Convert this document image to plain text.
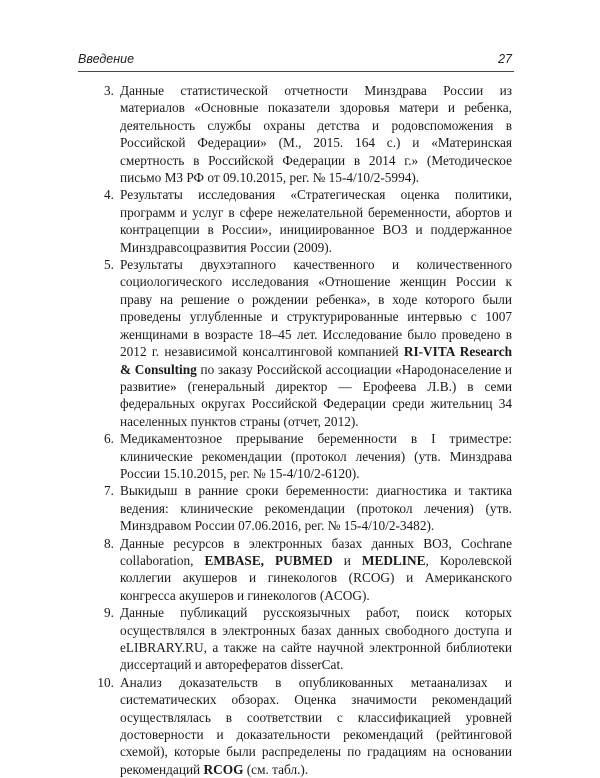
Введение	27
3. Данные статистической отчетности Минздрава России из материалов «Основные показатели здоровья матери и ребенка, деятельность службы охраны детства и родовспоможения в Российской Федерации» (М., 2015. 164 с.) и «Материнская смертность в Российской Федерации в 2014 г.» (Методическое письмо МЗ РФ от 09.10.2015, рег. № 15-4/10/2-5994).
4. Результаты исследования «Стратегическая оценка политики, программ и услуг в сфере нежелательной беременности, абортов и контрацепции в России», инициированное ВОЗ и поддержанное Минздравсоцразвития России (2009).
5. Результаты двухэтапного качественного и количественного социологического исследования «Отношение женщин России к праву на решение о рождении ребенка», в ходе которого были проведены углубленные и структурированные интервью с 1007 женщинами в возрасте 18–45 лет. Исследование было проведено в 2012 г. независимой консалтинговой компанией RI-VITA Research & Consulting по заказу Российской ассоциации «Народонаселение и развитие» (генеральный директор — Ерофеева Л.В.) в семи федеральных округах Российской Федерации среди жительниц 34 населенных пунктов страны (отчет, 2012).
6. Медикаментозное прерывание беременности в I триместре: клинические рекомендации (протокол лечения) (утв. Минздрава России 15.10.2015, рег. № 15-4/10/2-6120).
7. Выкидыш в ранние сроки беременности: диагностика и тактика ведения: клинические рекомендации (протокол лечения) (утв. Минздравом России 07.06.2016, рег. № 15-4/10/2-3482).
8. Данные ресурсов в электронных базах данных ВОЗ, Cochrane collaboration, EMBASE, PUBMED и MEDLINE, Королевской коллегии акушеров и гинекологов (RCOG) и Американского конгресса акушеров и гинекологов (ACOG).
9. Данные публикаций русскоязычных работ, поиск которых осуществлялся в электронных базах данных свободного доступа и eLIBRARY.RU, а также на сайте научной электронной библиотеки диссертаций и авторефератов disserCat.
10. Анализ доказательств в опубликованных метаанализах и систематических обзорах. Оценка значимости рекомендаций осуществлялась в соответствии с классификацией уровней достоверности и доказательности рекомендаций (рейтинговой схемой), которые были распределены по градациям на основании рекомендаций RCOG (см. табл.).
